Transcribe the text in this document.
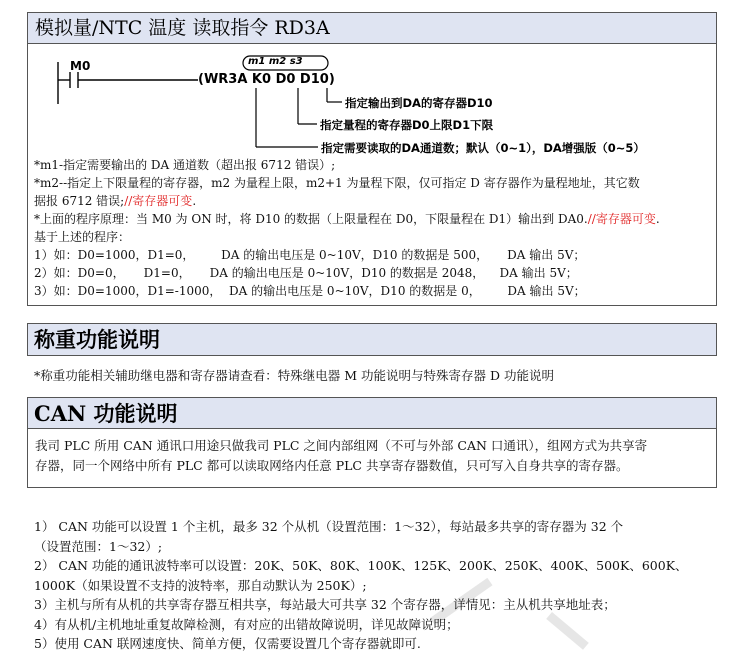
模拟量/NTC 温度 读取指令 RD3A
M0	m1 m2 s3
(WR3A K0 D0 D10)
指定输出到DA的寄存器D10
指定量程的寄存器D0上限D1下限
指定需要读取的DA通道数；默认（0~1），DA增强版（0~5）
*m1-指定需要输出的 DA 通道数（超出报 6712 错误）;
*m2--指定上下限量程的寄存器，m2 为量程上限，m2+1 为量程下限，仅可指定 D 寄存器作为量程地址，其它数
据报 6712 错误;//寄存器可变.
*上面的程序原理：当 M0 为 ON 时，将 D10 的数据（上限量程在 D0，下限量程在 D1）输出到 DA0.//寄存器可变.
基于上述的程序：
1）如：D0=1000，D1=0，       DA 的输出电压是 0~10V，D10 的数据是 500，     DA 输出 5V；
2）如：D0=0，     D1=0，     DA 的输出电压是 0~10V，D10 的数据是 2048，    DA 输出 5V；
3）如：D0=1000，D1=-1000，  DA 的输出电压是 0~10V，D10 的数据是 0，       DA 输出 5V；
称重功能说明
*称重功能相关辅助继电器和寄存器请查看：特殊继电器 M 功能说明与特殊寄存器 D 功能说明
CAN 功能说明
我司 PLC 所用 CAN 通讯口用途只做我司 PLC 之间内部组网（不可与外部 CAN 口通讯），组网方式为共享寄
存器，同一个网络中所有 PLC 都可以读取网络内任意 PLC 共享寄存器数值，只可写入自身共享的寄存器。
1） CAN 功能可以设置 1 个主机，最多 32 个从机（设置范围：1～32），每站最多共享的寄存器为 32 个
（设置范围：1～32）;
2） CAN 功能的通讯波特率可以设置：20K、50K、80K、100K、125K、200K、250K、400K、500K、600K、
1000K（如果设置不支持的波特率，那自动默认为 250K）;
3）主机与所有从机的共享寄存器互相共享，每站最大可共享 32 个寄存器，详情见：主从机共享地址表；
4）有从机/主机地址重复故障检测，有对应的出错故障说明，详见故障说明；
5）使用 CAN 联网速度快、简单方便，仅需要设置几个寄存器就即可.
